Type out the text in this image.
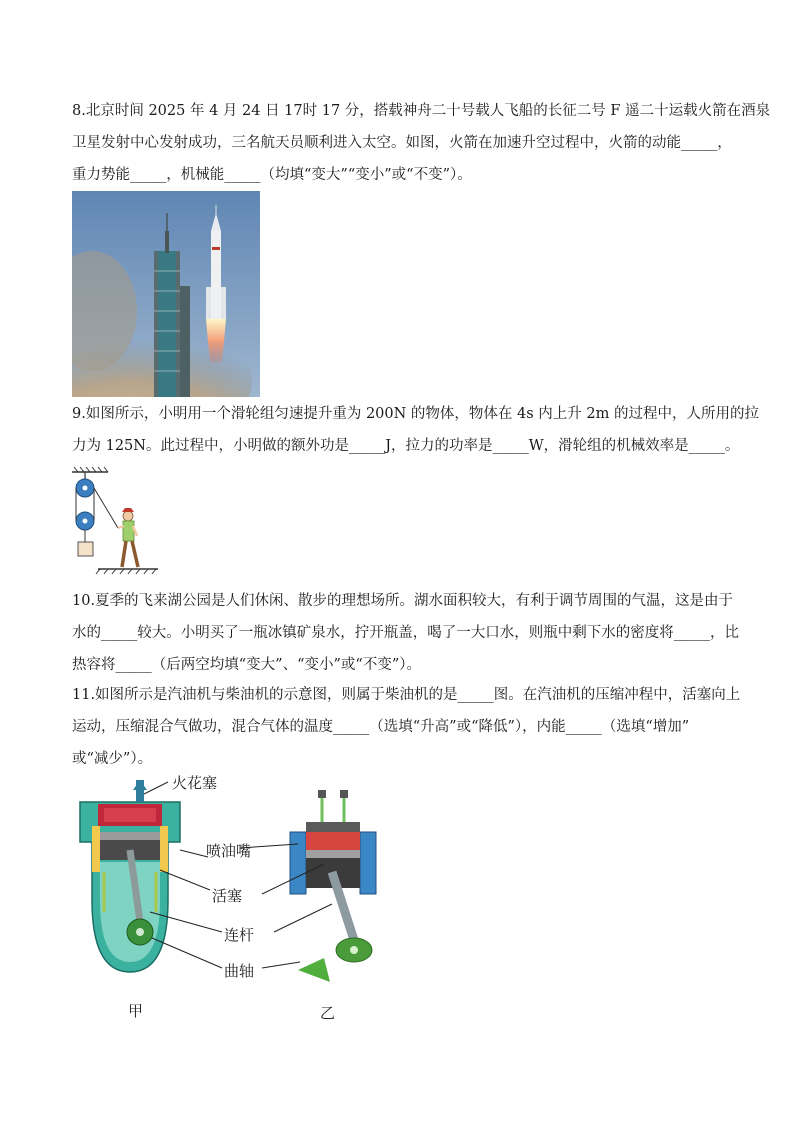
8.北京时间 2025 年 4 月 24 日 17时 17 分，搭载神舟二十号载人飞船的长征二号 F 遥二十运载火箭在酒泉
卫星发射中心发射成功，三名航天员顺利进入太空。如图，火箭在加速升空过程中，火箭的动能_____，
重力势能_____，机械能_____（均填“变大”“变小”或“不变”）。
9.如图所示，小明用一个滑轮组匀速提升重为 200N 的物体，物体在 4s 内上升 2m 的过程中，人所用的拉
力为 125N。此过程中，小明做的额外功是_____J，拉力的功率是_____W，滑轮组的机械效率是_____。
10.夏季的飞来湖公园是人们休闲、散步的理想场所。湖水面积较大，有利于调节周围的气温，这是由于
水的_____较大。小明买了一瓶冰镇矿泉水，拧开瓶盖，喝了一大口水，则瓶中剩下水的密度将_____，比
热容将_____（后两空均填“变大”、“变小”或“不变”）。
11.如图所示是汽油机与柴油机的示意图，则属于柴油机的是_____图。在汽油机的压缩冲程中，活塞向上
运动，压缩混合气做功，混合气体的温度_____（选填“升高”或“降低”），内能_____（选填“增加”
或“减少”）。
火花塞
喷油嘴
活塞
连杆
曲轴
甲	乙
